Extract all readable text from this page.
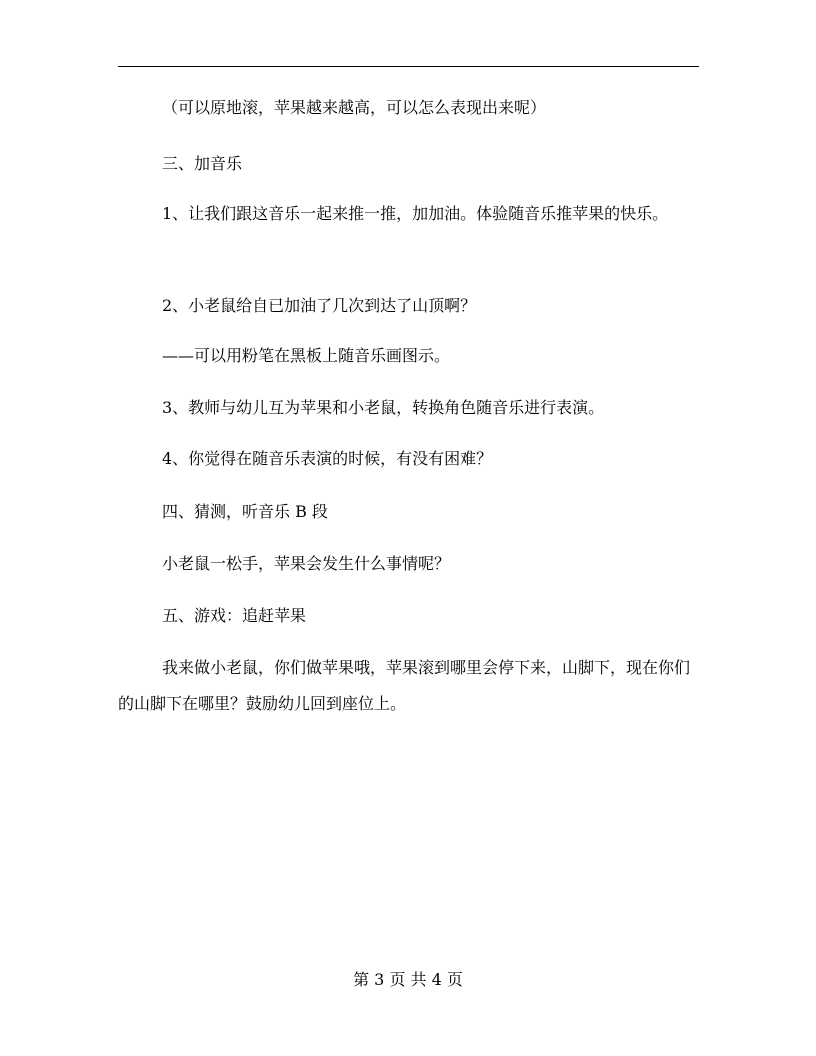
（可以原地滚，苹果越来越高，可以怎么表现出来呢）

三、加音乐

1、让我们跟这音乐一起来推一推，加加油。体验随音乐推苹果的快乐。

2、小老鼠给自已加油了几次到达了山顶啊？

——可以用粉笔在黑板上随音乐画图示。

3、教师与幼儿互为苹果和小老鼠，转换角色随音乐进行表演。

4、你觉得在随音乐表演的时候，有没有困难？

四、猜测，听音乐 B 段

小老鼠一松手，苹果会发生什么事情呢？

五、游戏：追赶苹果

我来做小老鼠，你们做苹果哦，苹果滚到哪里会停下来，山脚下，现在你们的山脚下在哪里？鼓励幼儿回到座位上。

第 3 页 共 4 页
